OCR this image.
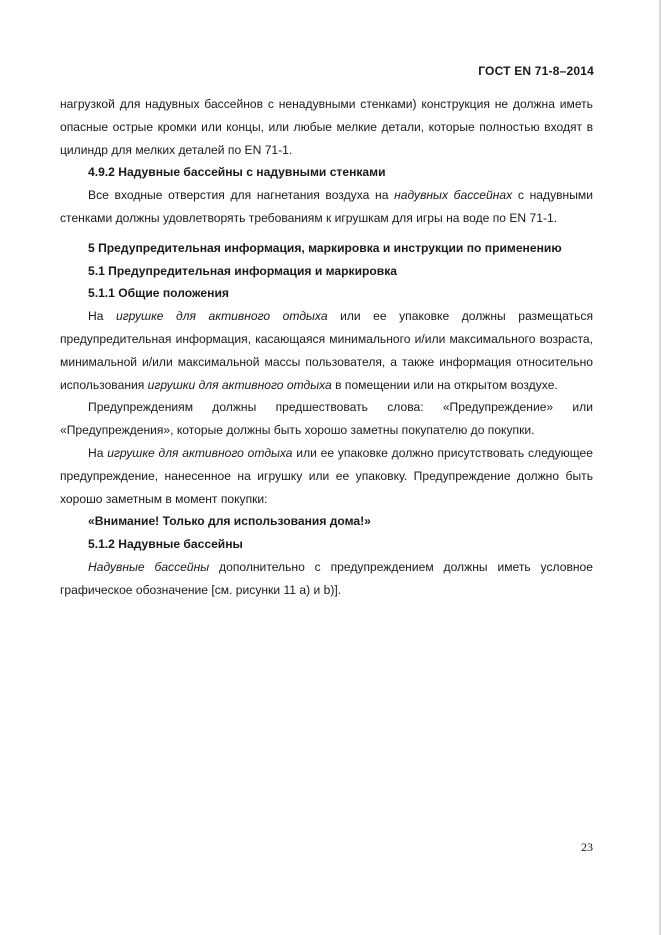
ГОСТ EN 71-8–2014

нагрузкой для надувных бассейнов с ненадувными стенками) конструкция не должна иметь опасные острые кромки или концы, или любые мелкие детали, которые полностью входят в цилиндр для мелких деталей по EN 71-1.

4.9.2 Надувные бассейны с надувными стенками

Все входные отверстия для нагнетания воздуха на надувных бассейнах с надувными стенками должны удовлетворять требованиям к игрушкам для игры на воде по EN 71-1.

5 Предупредительная информация, маркировка и инструкции по применению

5.1 Предупредительная информация и маркировка

5.1.1 Общие положения

На игрушке для активного отдыха или ее упаковке должны размещаться предупредительная информация, касающаяся минимального и/или максимального возраста, минимальной и/или максимальной массы пользователя, а также информация относительно использования игрушки для активного отдыха в помещении или на открытом воздухе.

Предупреждениям должны предшествовать слова: «Предупреждение» или «Предупреждения», которые должны быть хорошо заметны покупателю до покупки.

На игрушке для активного отдыха или ее упаковке должно присутствовать следующее предупреждение, нанесенное на игрушку или ее упаковку. Предупреждение должно быть хорошо заметным в момент покупки:

«Внимание! Только для использования дома!»

5.1.2 Надувные бассейны

Надувные бассейны дополнительно с предупреждением должны иметь условное графическое обозначение [см. рисунки 11 a) и b)].

23
